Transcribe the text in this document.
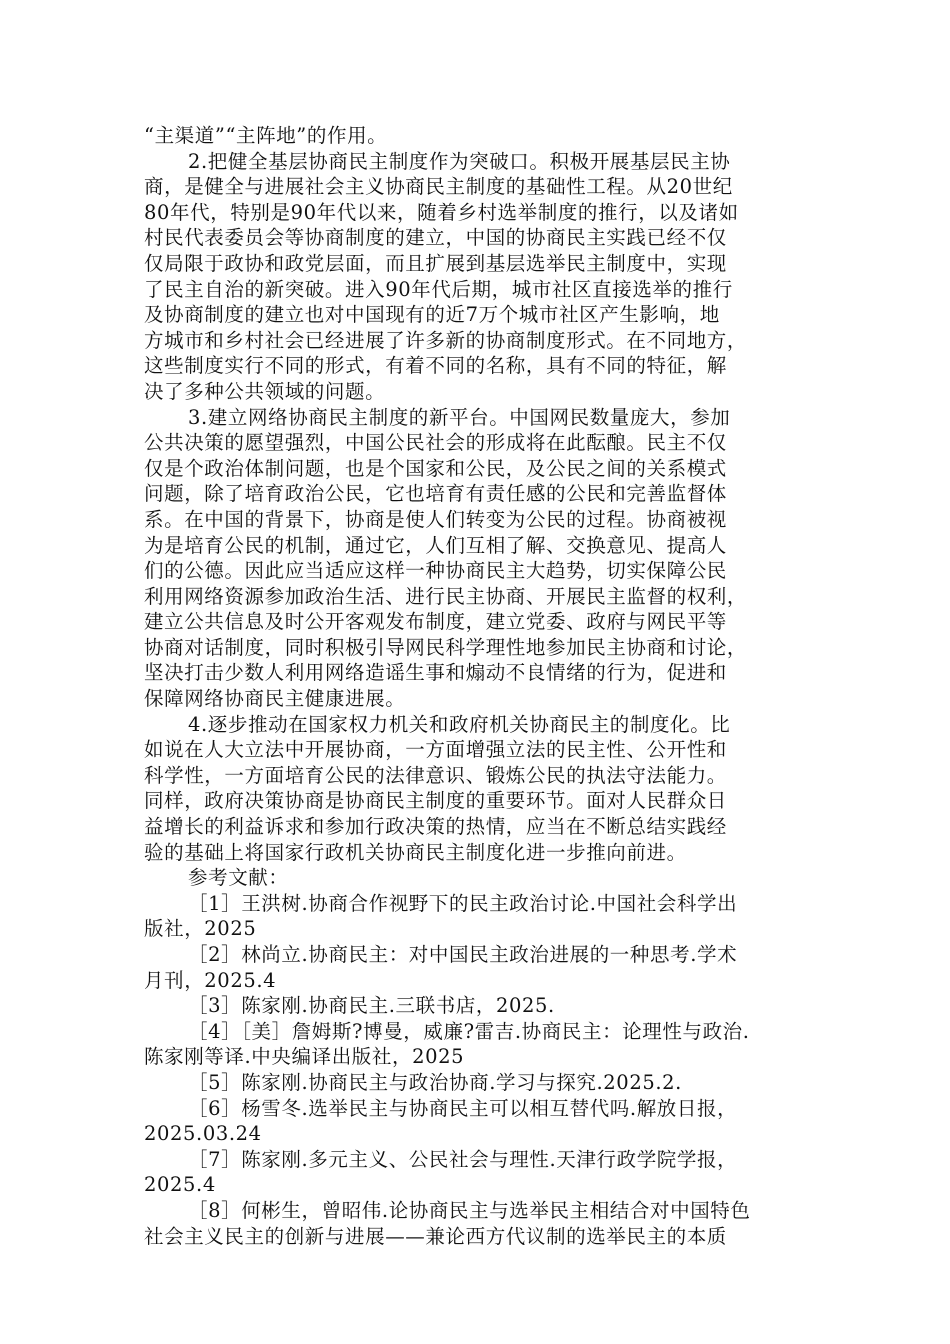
“主渠道”“主阵地”的作用。
2.把健全基层协商民主制度作为突破口。积极开展基层民主协
商，是健全与进展社会主义协商民主制度的基础性工程。从20世纪
80年代，特别是90年代以来，随着乡村选举制度的推行，以及诸如
村民代表委员会等协商制度的建立，中国的协商民主实践已经不仅
仅局限于政协和政党层面，而且扩展到基层选举民主制度中，实现
了民主自治的新突破。进入90年代后期，城市社区直接选举的推行
及协商制度的建立也对中国现有的近7万个城市社区产生影响，地
方城市和乡村社会已经进展了许多新的协商制度形式。在不同地方，
这些制度实行不同的形式，有着不同的名称，具有不同的特征，解
决了多种公共领域的问题。
3.建立网络协商民主制度的新平台。中国网民数量庞大，参加
公共决策的愿望强烈，中国公民社会的形成将在此酝酿。民主不仅
仅是个政治体制问题，也是个国家和公民，及公民之间的关系模式
问题，除了培育政治公民，它也培育有责任感的公民和完善监督体
系。在中国的背景下，协商是使人们转变为公民的过程。协商被视
为是培育公民的机制，通过它，人们互相了解、交换意见、提高人
们的公德。因此应当适应这样一种协商民主大趋势，切实保障公民
利用网络资源参加政治生活、进行民主协商、开展民主监督的权利，
建立公共信息及时公开客观发布制度，建立党委、政府与网民平等
协商对话制度，同时积极引导网民科学理性地参加民主协商和讨论，
坚决打击少数人利用网络造谣生事和煽动不良情绪的行为，促进和
保障网络协商民主健康进展。
4.逐步推动在国家权力机关和政府机关协商民主的制度化。比
如说在人大立法中开展协商，一方面增强立法的民主性、公开性和
科学性，一方面培育公民的法律意识、锻炼公民的执法守法能力。
同样，政府决策协商是协商民主制度的重要环节。面对人民群众日
益增长的利益诉求和参加行政决策的热情，应当在不断总结实践经
验的基础上将国家行政机关协商民主制度化进一步推向前进。
参考文献：
［1］王洪树.协商合作视野下的民主政治讨论.中国社会科学出
版社，2025
［2］林尚立.协商民主：对中国民主政治进展的一种思考.学术
月刊，2025.4
［3］陈家刚.协商民主.三联书店，2025.
［4］［美］詹姆斯?博曼，威廉?雷吉.协商民主：论理性与政治.
陈家刚等译.中央编译出版社，2025
［5］陈家刚.协商民主与政治协商.学习与探究.2025.2.
［6］杨雪冬.选举民主与协商民主可以相互替代吗.解放日报，
2025.03.24
［7］陈家刚.多元主义、公民社会与理性.天津行政学院学报，
2025.4
［8］何彬生，曾昭伟.论协商民主与选举民主相结合对中国特色
社会主义民主的创新与进展——兼论西方代议制的选举民主的本质
